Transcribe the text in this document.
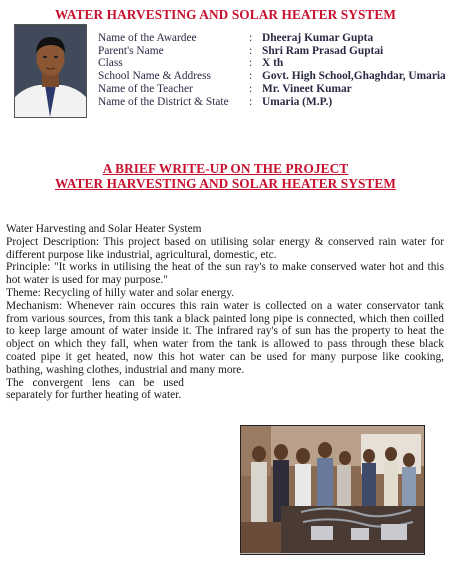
WATER HARVESTING AND SOLAR HEATER SYSTEM
Name of the Awardee	: Dheeraj Kumar Gupta
Parent's Name	: Shri Ram Prasad Guptai
Class	: X th
School Name & Address	: Govt. High School,Ghaghdar, Umaria
Name of the Teacher	: Mr. Vineet Kumar
Name of the District & State : Umaria (M.P.)
A BRIEF WRITE-UP ON THE PROJECT
WATER HARVESTING AND SOLAR HEATER SYSTEM

Water Harvesting and Solar Heater System

Project Description: This project based on utilising solar energy & conserved rain water for different purpose like industrial, agricultural, domestic, etc.

Principle: "It works in utilising the heat of the sun ray's to make conserved water hot and this hot water is used for may purpose."

Theme: Recycling of hilly water and solar energy.

Mechanism: Whenever rain occures this rain water is collected on a water conservator tank from various sources, from this tank a black painted long pipe is connected, which then coilled to keep large amount of water inside it. The infrared ray's of sun has the property to heat the object on which they fall, when water from the tank is allowed to pass through these black coated pipe it get heated, now this hot water can be used for many purpose like cooking, bathing, washing clothes, industrial and many more.

The convergent lens can be used

separately for further heating of water.
